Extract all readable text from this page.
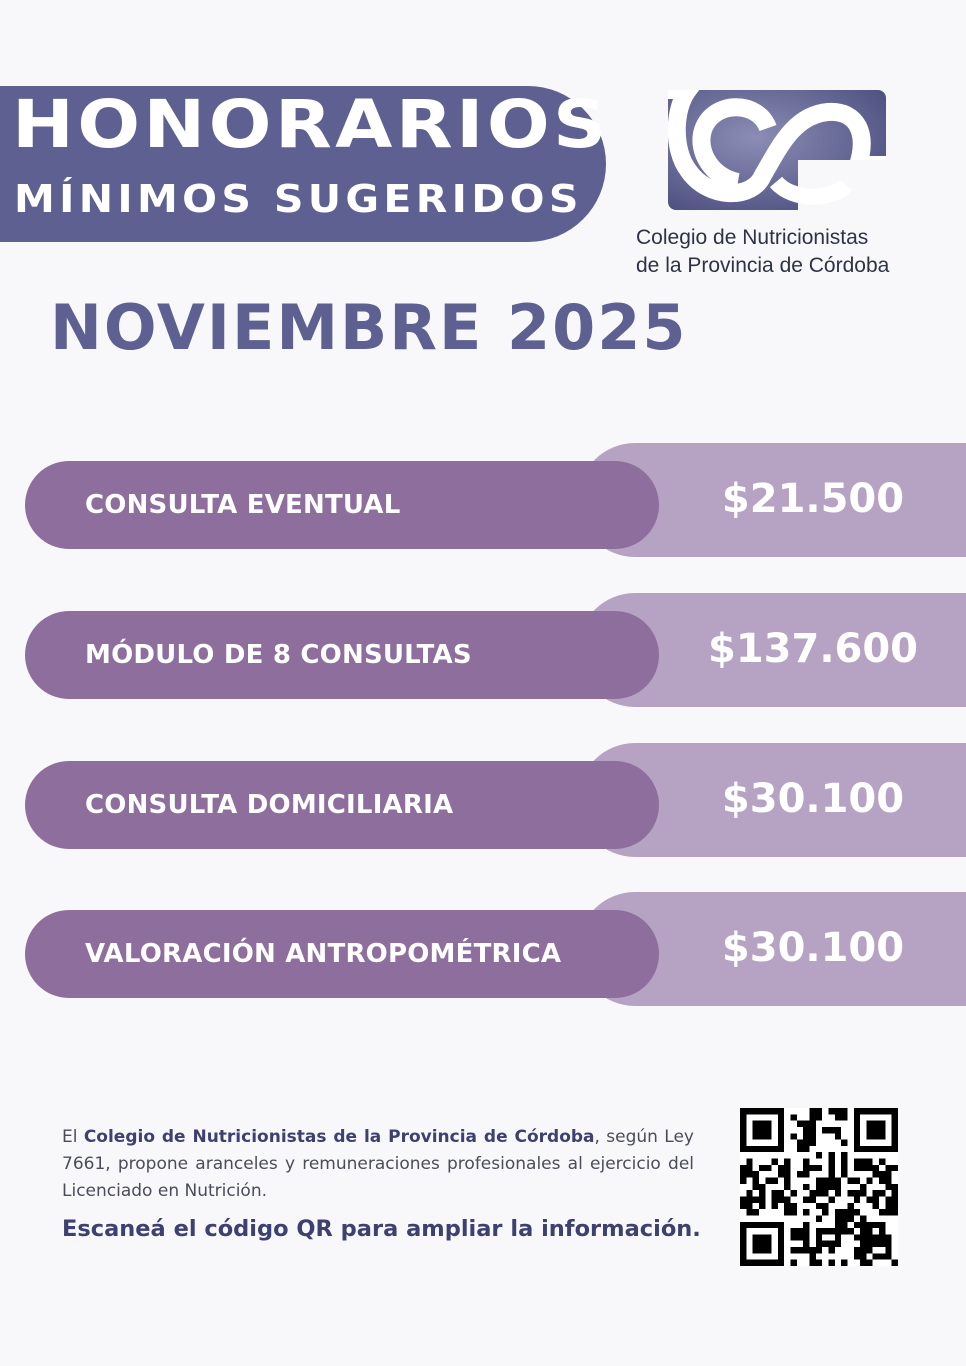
HONORARIOS
MÍNIMOS SUGERIDOS
Colegio de Nutricionistas
de la Provincia de Córdoba
NOVIEMBRE 2025
CONSULTA EVENTUAL	$21.500
MÓDULO DE 8 CONSULTAS	$137.600
CONSULTA DOMICILIARIA	$30.100
VALORACIÓN ANTROPOMÉTRICA	$30.100
El Colegio de Nutricionistas de la Provincia de Córdoba, según Ley 7661, propone aranceles y remuneraciones profesionales al ejercicio del Licenciado en Nutrición.
Escaneá el código QR para ampliar la información.
